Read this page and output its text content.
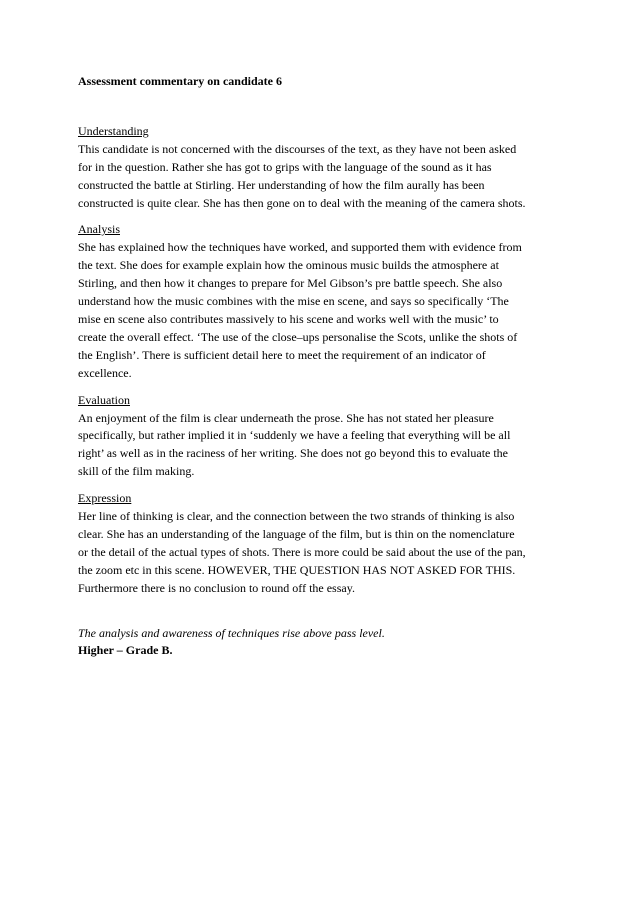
Assessment commentary on candidate 6

Understanding
This candidate is not concerned with the discourses of the text, as they have not been asked
for in the question. Rather she has got to grips with the language of the sound as it has
constructed the battle at Stirling. Her understanding of how the film aurally has been
constructed is quite clear. She has then gone on to deal with the meaning of the camera shots.
Analysis
She has explained how the techniques have worked, and supported them with evidence from
the text. She does for example explain how the ominous music builds the atmosphere at
Stirling, and then how it changes to prepare for Mel Gibson’s pre battle speech. She also
understand how the music combines with the mise en scene, and says so specifically ‘The
mise en scene also contributes massively to his scene and works well with the music’ to
create the overall effect. ‘The use of the close–ups personalise the Scots, unlike the shots of
the English’. There is sufficient detail here to meet the requirement of an indicator of
excellence.
Evaluation
An enjoyment of the film is clear underneath the prose. She has not stated her pleasure
specifically, but rather implied it in ‘suddenly we have a feeling that everything will be all
right’ as well as in the raciness of her writing. She does not go beyond this to evaluate the
skill of the film making.
Expression
Her line of thinking is clear, and the connection between the two strands of thinking is also
clear. She has an understanding of the language of the film, but is thin on the nomenclature
or the detail of the actual types of shots. There is more could be said about the use of the pan,
the zoom etc in this scene. HOWEVER, THE QUESTION HAS NOT ASKED FOR THIS.
Furthermore there is no conclusion to round off the essay.
The analysis and awareness of techniques rise above pass level.
Higher – Grade B.
